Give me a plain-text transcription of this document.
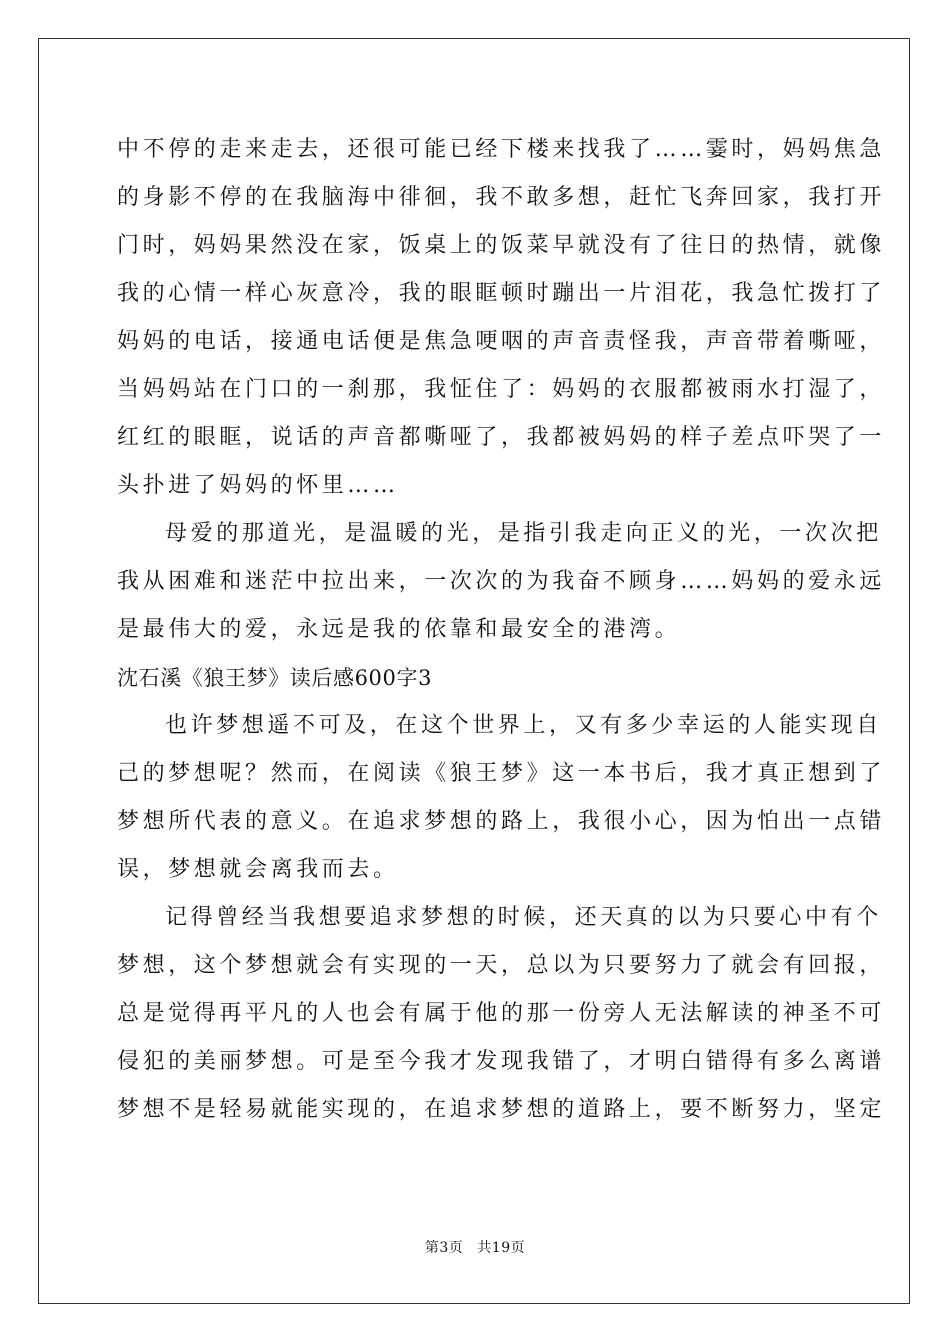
中不停的走来走去，还很可能已经下楼来找我了……霎时，妈妈焦急
的身影不停的在我脑海中徘徊，我不敢多想，赶忙飞奔回家，我打开
门时，妈妈果然没在家，饭桌上的饭菜早就没有了往日的热情，就像
我的心情一样心灰意冷，我的眼眶顿时蹦出一片泪花，我急忙拨打了
妈妈的电话，接通电话便是焦急哽咽的声音责怪我，声音带着嘶哑，
当妈妈站在门口的一刹那，我怔住了：妈妈的衣服都被雨水打湿了，
红红的眼眶，说话的声音都嘶哑了，我都被妈妈的样子差点吓哭了一
头扑进了妈妈的怀里……
母爱的那道光，是温暖的光，是指引我走向正义的光，一次次把
我从困难和迷茫中拉出来，一次次的为我奋不顾身……妈妈的爱永远
是最伟大的爱，永远是我的依靠和最安全的港湾。
沈石溪《狼王梦》读后感600字3
也许梦想遥不可及，在这个世界上，又有多少幸运的人能实现自
己的梦想呢？然而，在阅读《狼王梦》这一本书后，我才真正想到了
梦想所代表的意义。在追求梦想的路上，我很小心，因为怕出一点错
误，梦想就会离我而去。
记得曾经当我想要追求梦想的时候，还天真的以为只要心中有个
梦想，这个梦想就会有实现的一天，总以为只要努力了就会有回报，
总是觉得再平凡的人也会有属于他的那一份旁人无法解读的神圣不可
侵犯的美丽梦想。可是至今我才发现我错了，才明白错得有多么离谱
梦想不是轻易就能实现的，在追求梦想的道路上，要不断努力，坚定
第3页 共19页
